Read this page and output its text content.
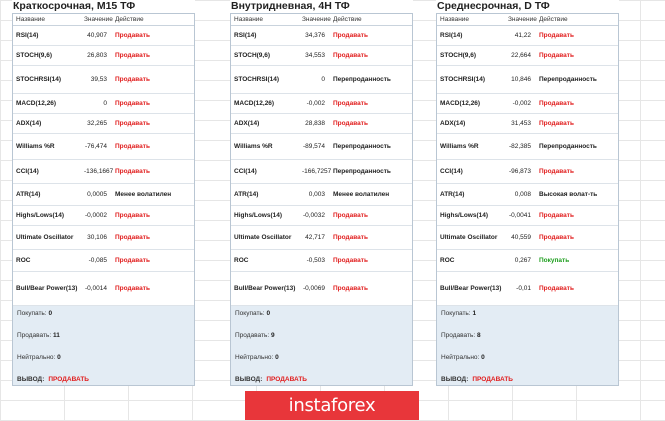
Краткосрочная, М15 ТФ
Название	Значение Действие
RSI(14)	40,907	Продавать
STOCH(9,6)	26,803	Продавать
STOCHRSI(14)	39,53	Продавать
MACD(12,26)	0	Продавать
ADX(14)	32,265	Продавать
Williams %R	-76,474	Продавать
CCI(14)	-136,1667 Продавать
ATR(14)	0,0005	Менее волатилен
Highs/Lows(14)	-0,0002	Продавать
Ultimate Oscillator	30,106	Продавать
ROC	-0,085	Продавать
Bull/Bear Power(13)	-0,0014	Продавать
Покупать: 0
Продавать: 11
Нейтрально: 0
ВЫВОД: ПРОДАВАТЬ
Внутридневная, 4Н ТФ
Название	Значение Действие
RSI(14)	34,376	Продавать
STOCH(9,6)	34,553	Продавать
STOCHRSI(14)	0	Перепроданность
MACD(12,26)	-0,002	Продавать
ADX(14)	28,838	Продавать
Williams %R	-89,574	Перепроданность
CCI(14)	-166,7257 Перепроданность
ATR(14)	0,003	Менее волатилен
Highs/Lows(14)	-0,0032	Продавать
Ultimate Oscillator	42,717	Продавать
ROC	-0,503	Продавать
Bull/Bear Power(13)	-0,0069	Продавать
Покупать: 0
Продавать: 9
Нейтрально: 0
ВЫВОД: ПРОДАВАТЬ
Среднесрочная, D ТФ
Название	Значение Действие
RSI(14)	41,22	Продавать
STOCH(9,6)	22,664	Продавать
STOCHRSI(14)	10,846	Перепроданность
MACD(12,26)	-0,002	Продавать
ADX(14)	31,453	Продавать
Williams %R	-82,385	Перепроданность
CCI(14)	-96,873	Продавать
ATR(14)	0,008	Высокая волат-ть
Highs/Lows(14)	-0,0041	Продавать
Ultimate Oscillator	40,559	Продавать
ROC	0,267	Покупать
Bull/Bear Power(13)	-0,01	Продавать
Покупать: 1
Продавать: 8
Нейтрально: 0
ВЫВОД: ПРОДАВАТЬ
instaforex
